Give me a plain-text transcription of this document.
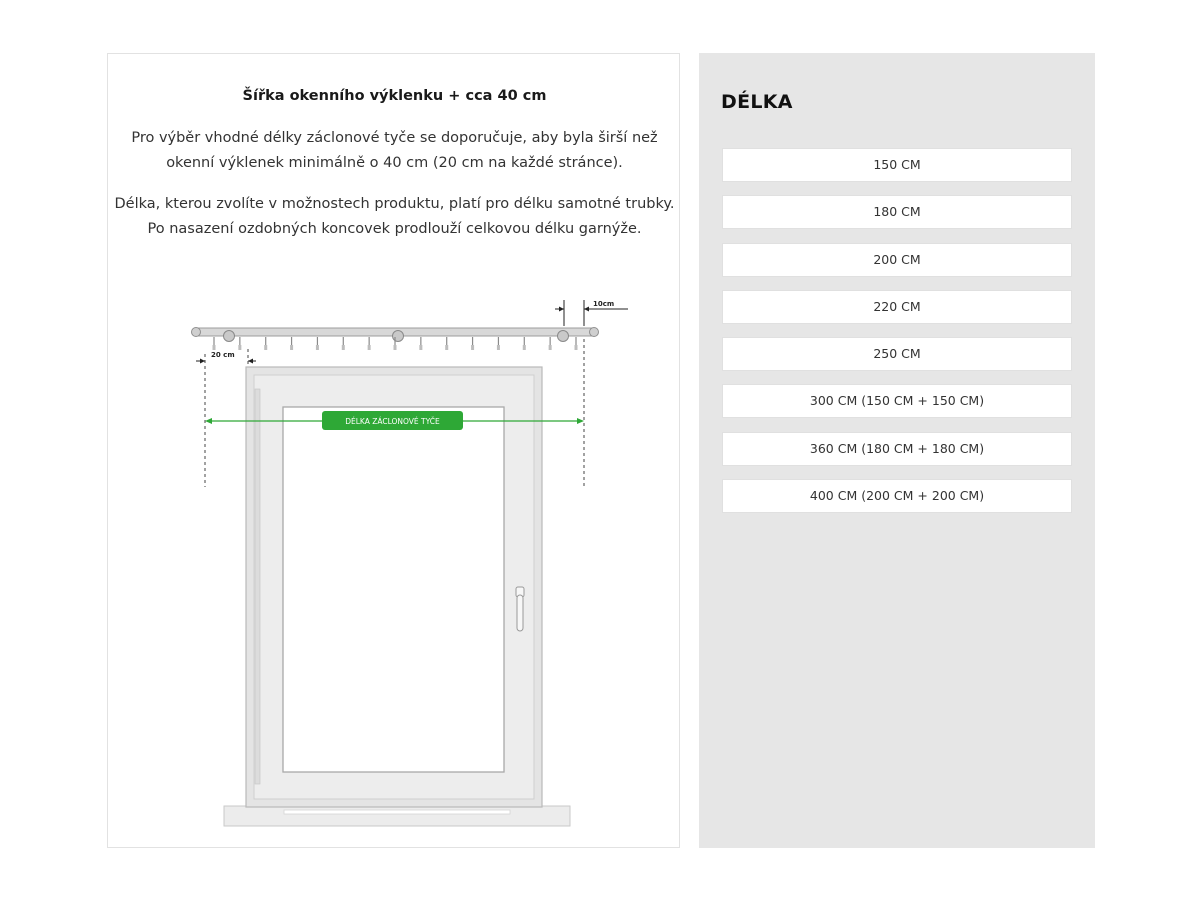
Šířka okenního výklenku + cca 40 cm

Pro výběr vhodné délky záclonové tyče se doporučuje, aby byla širší než okenní výklenek minimálně o 40 cm (20 cm na každé stránce).

Délka, kterou zvolíte v možnostech produktu, platí pro délku samotné trubky. Po nasazení ozdobných koncovek prodlouží celkovou délku garnýže.

10cm
20 cm
DÉLKA ZÁCLONOVÉ TYČE
DÉLKA
150 CM
180 CM
200 CM
220 CM
250 CM
300 CM (150 CM + 150 CM)
360 CM (180 CM + 180 CM)
400 CM (200 CM + 200 CM)
